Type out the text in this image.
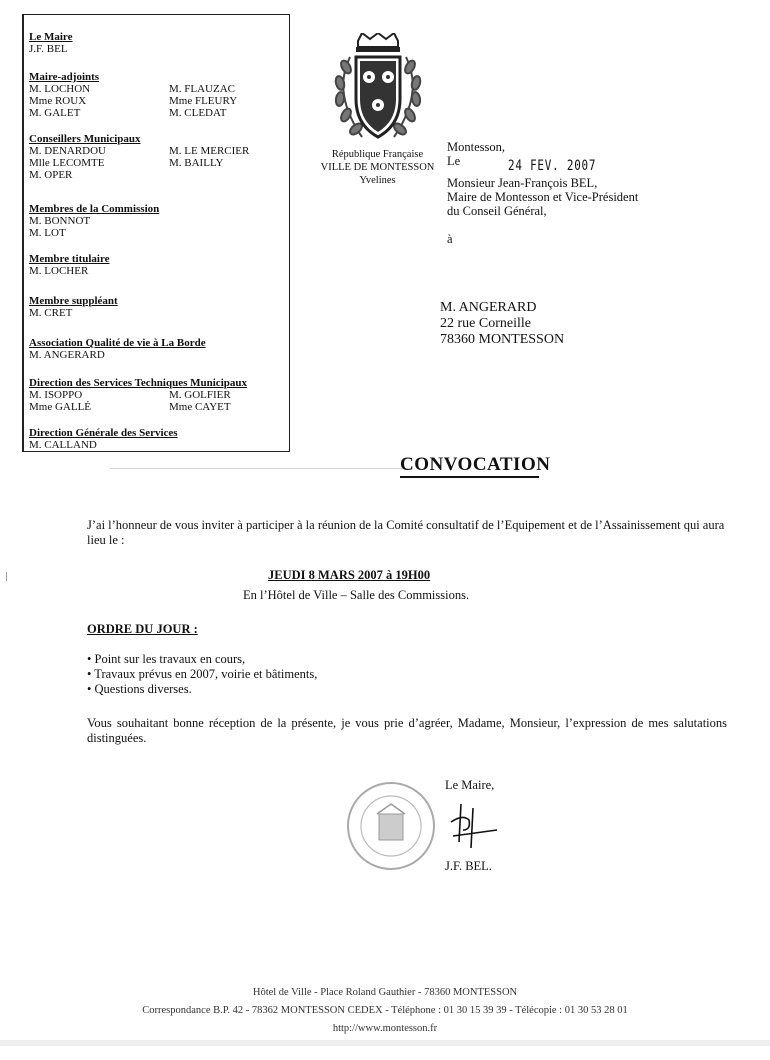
Le Maire
J.F. BEL
Maire-adjoints
M. LOCHON
Mme ROUX
M. GALET
M. FLAUZAC
Mme FLEURY
M. CLEDAT
Conseillers Municipaux
M. DENARDOU
Mlle LECOMTE
M. OPER
M. LE MERCIER
M. BAILLY
Membres de la Commission
M. BONNOT
M. LOT
Membre titulaire
M. LOCHER
Membre suppléant
M. CRET
Association Qualité de vie à La Borde
M. ANGERARD
Direction des Services Techniques Municipaux
M. ISOPPO
Mme GALLÉ
M. GOLFIER
Mme CAYET
Direction Générale des Services
M. CALLAND
République Française
VILLE DE MONTESSON
Yvelines
Montesson,
Le
Monsieur Jean-François BEL,
Maire de Montesson et Vice-Président
du Conseil Général,
à
24 FEV. 2007
M. ANGERARD
22 rue Corneille
78360 MONTESSON
CONVOCATION
J’ai l’honneur de vous inviter à participer à la réunion de la Comité consultatif de l’Equipement et de l’Assainissement qui aura lieu le :
JEUDI 8 MARS 2007 à 19H00
En l’Hôtel de Ville – Salle des Commissions.
ORDRE DU JOUR :
• Point sur les travaux en cours,
• Travaux prévus en 2007, voirie et bâtiments,
• Questions diverses.
Vous souhaitant bonne réception de la présente, je vous prie d’agréer, Madame, Monsieur, l’expression de mes salutations distinguées.
Le Maire,
J.F. BEL.
Hôtel de Ville - Place Roland Gauthier - 78360 MONTESSON
Correspondance B.P. 42 - 78362 MONTESSON CEDEX - Téléphone : 01 30 15 39 39 - Télécopie : 01 30 53 28 01
http://www.montesson.fr
